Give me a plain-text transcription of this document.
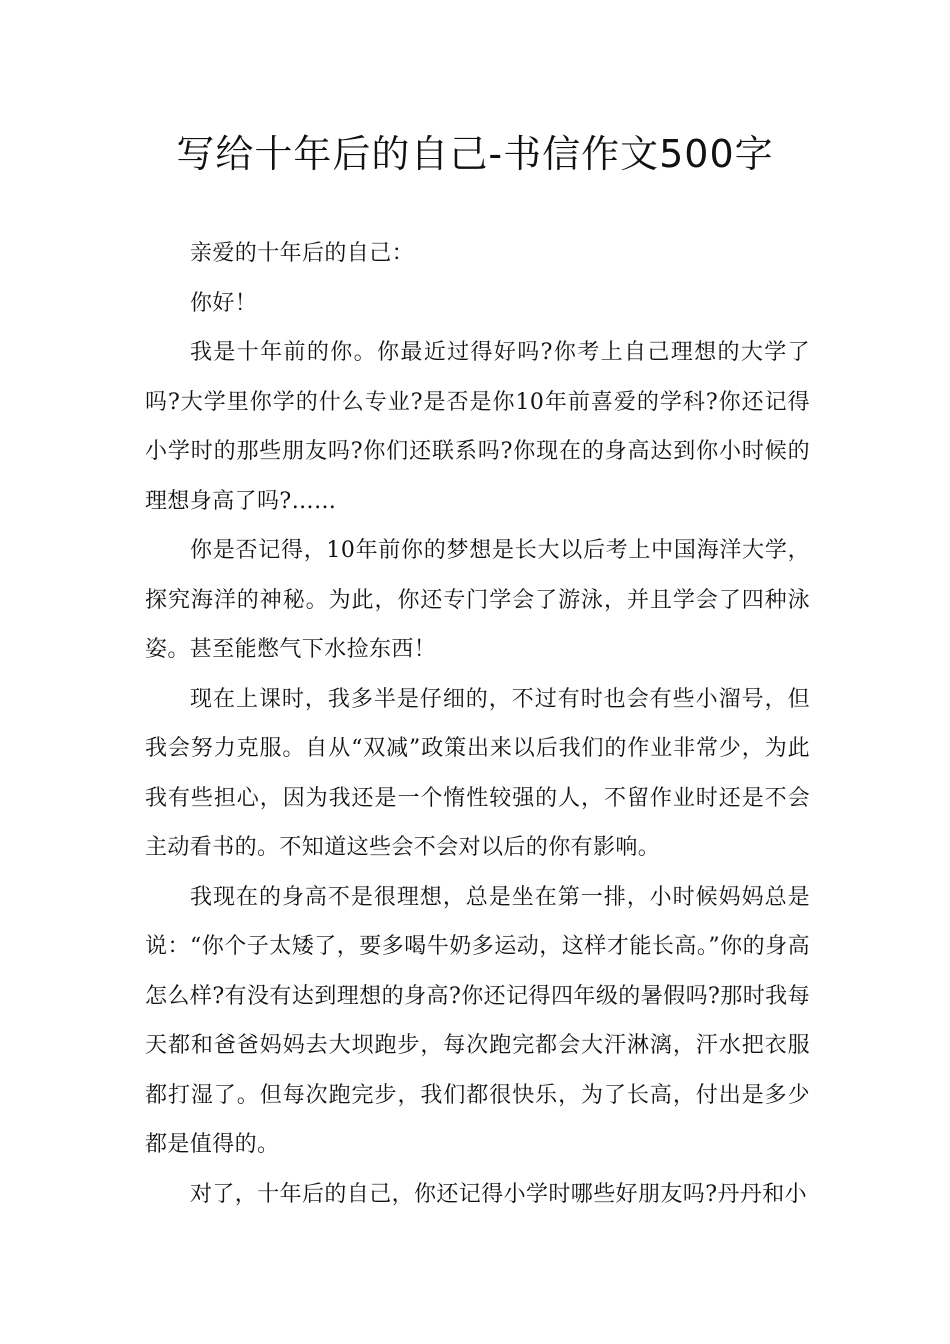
写给十年后的自己-书信作文500字

亲爱的十年后的自己：

你好！

我是十年前的你。你最近过得好吗?你考上自己理想的大学了吗?大学里你学的什么专业?是否是你10年前喜爱的学科?你还记得小学时的那些朋友吗?你们还联系吗?你现在的身高达到你小时候的理想身高了吗?……

你是否记得，10年前你的梦想是长大以后考上中国海洋大学，探究海洋的神秘。为此，你还专门学会了游泳，并且学会了四种泳姿。甚至能憋气下水捡东西！

现在上课时，我多半是仔细的，不过有时也会有些小溜号，但我会努力克服。自从“双减”政策出来以后我们的作业非常少，为此我有些担心，因为我还是一个惰性较强的人，不留作业时还是不会主动看书的。不知道这些会不会对以后的你有影响。

我现在的身高不是很理想，总是坐在第一排，小时候妈妈总是说：“你个子太矮了，要多喝牛奶多运动，这样才能长高。”你的身高怎么样?有没有达到理想的身高?你还记得四年级的暑假吗?那时我每天都和爸爸妈妈去大坝跑步，每次跑完都会大汗淋漓，汗水把衣服都打湿了。但每次跑完步，我们都很快乐，为了长高，付出是多少都是值得的。

对了，十年后的自己，你还记得小学时哪些好朋友吗?丹丹和小
